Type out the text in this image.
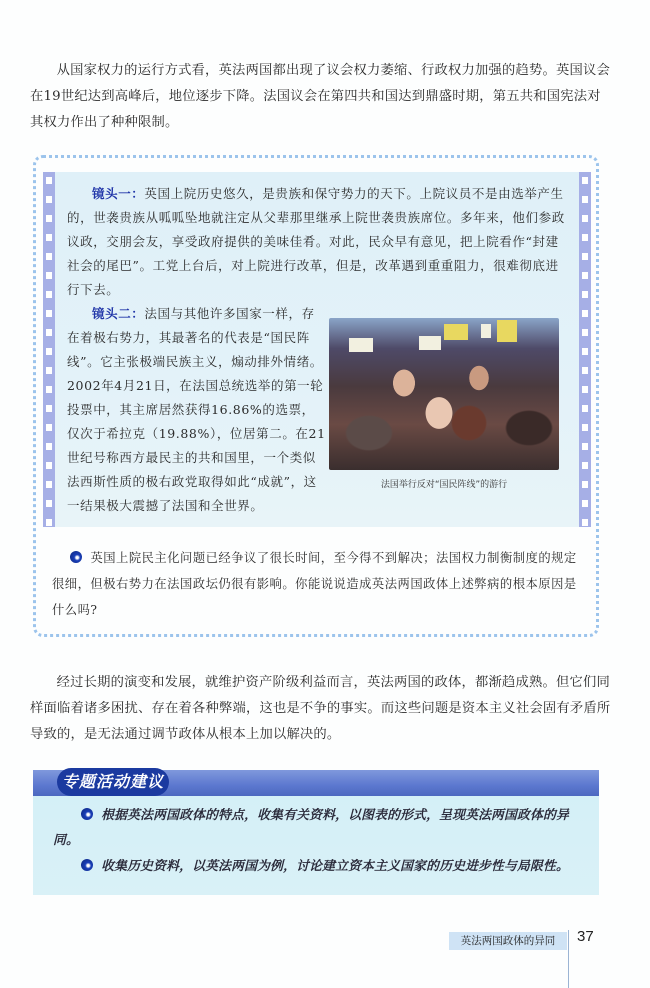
从国家权力的运行方式看，英法两国都出现了议会权力萎缩、行政权力加强的趋势。英国议会在19世纪达到高峰后，地位逐步下降。法国议会在第四共和国达到鼎盛时期，第五共和国宪法对其权力作出了种种限制。

镜头一：英国上院历史悠久，是贵族和保守势力的天下。上院议员不是由选举产生的，世袭贵族从呱呱坠地就注定从父辈那里继承上院世袭贵族席位。多年来，他们参政议政，交朋会友，享受政府提供的美味佳肴。对此，民众早有意见，把上院看作“封建社会的尾巴”。工党上台后，对上院进行改革，但是，改革遇到重重阻力，很难彻底进行下去。

镜头二：法国与其他许多国家一样，存在着极右势力，其最著名的代表是“国民阵线”。它主张极端民族主义，煽动排外情绪。2002年4月21日，在法国总统选举的第一轮投票中，其主席居然获得16.86%的选票，仅次于希拉克（19.88%），位居第二。在21世纪号称西方最民主的共和国里，一个类似法西斯性质的极右政党取得如此“成就”，这一结果极大震撼了法国和全世界。

法国举行反对“国民阵线”的游行

英国上院民主化问题已经争议了很长时间，至今得不到解决；法国权力制衡制度的规定很细，但极右势力在法国政坛仍很有影响。你能说说造成英法两国政体上述弊病的根本原因是什么吗?

经过长期的演变和发展，就维护资产阶级利益而言，英法两国的政体，都渐趋成熟。但它们同样面临着诸多困扰、存在着各种弊端，这也是不争的事实。而这些问题是资本主义社会固有矛盾所导致的，是无法通过调节政体从根本上加以解决的。

专题活动建议

根据英法两国政体的特点，收集有关资料，以图表的形式，呈现英法两国政体的异同。

收集历史资料，以英法两国为例，讨论建立资本主义国家的历史进步性与局限性。

英法两国政体的异同	37
